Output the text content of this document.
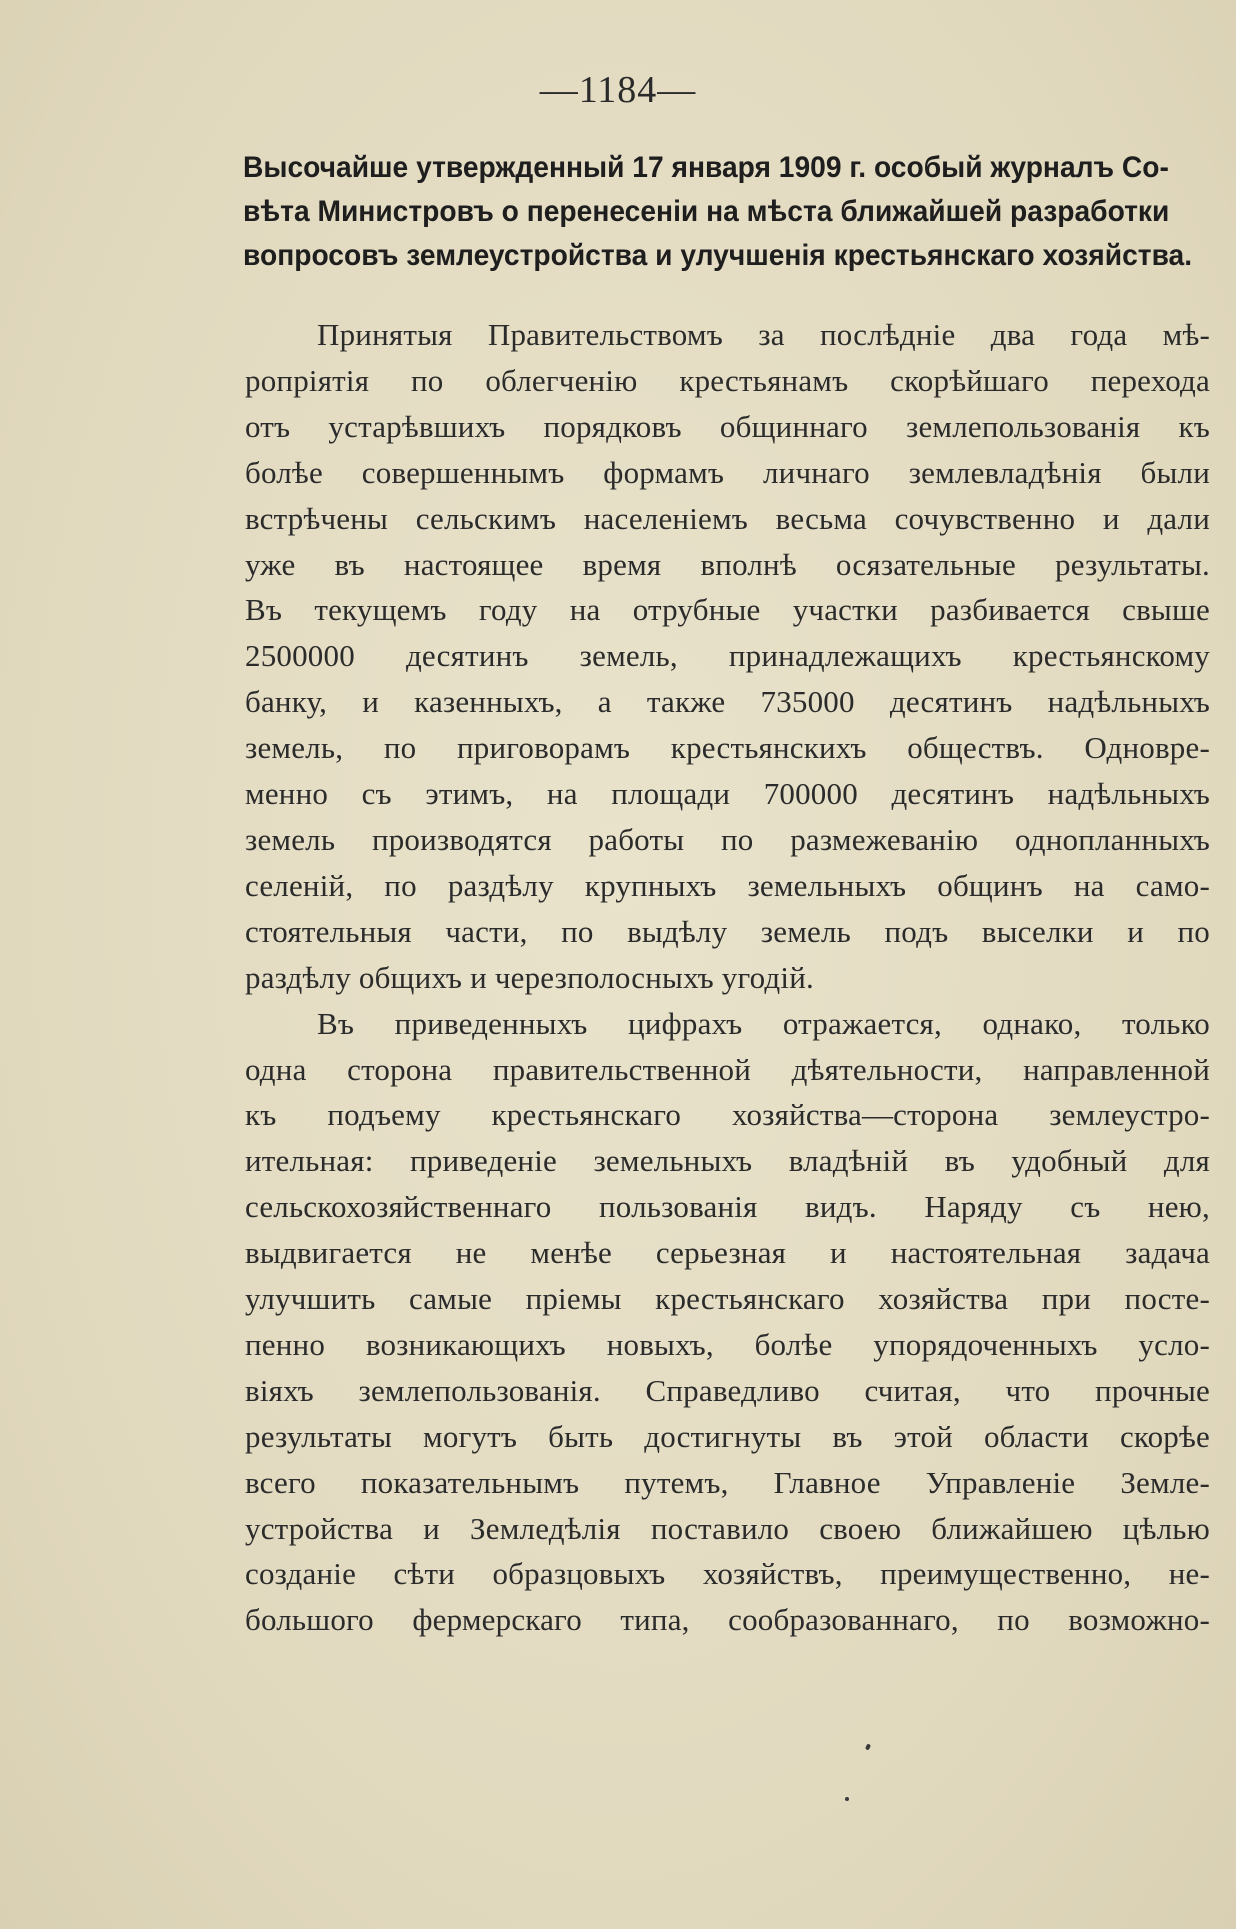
—1184—
Высочайше утвержденный 17 января 1909 г. особый журналъ Со-
вѣта Министровъ о перенесеніи на мѣста ближайшей разработки
вопросовъ землеустройства и улучшенія крестьянскаго хозяйства.
Принятыя Правительствомъ за послѣдніе два года мѣ-
ропріятія по облегченію крестьянамъ скорѣйшаго перехода
отъ устарѣвшихъ порядковъ общиннаго землепользованія къ
болѣе совершеннымъ формамъ личнаго землевладѣнія были
встрѣчены сельскимъ населеніемъ весьма сочувственно и дали
уже въ настоящее время вполнѣ осязательные результаты.
Въ текущемъ году на отрубные участки разбивается свыше
2500000 десятинъ земель, принадлежащихъ крестьянскому
банку, и казенныхъ, а также 735000 десятинъ надѣльныхъ
земель, по приговорамъ крестьянскихъ обществъ. Одновре-
менно съ этимъ, на площади 700000 десятинъ надѣльныхъ
земель производятся работы по размежеванію однопланныхъ
селеній, по раздѣлу крупныхъ земельныхъ общинъ на само-
стоятельныя части, по выдѣлу земель подъ выселки и по
раздѣлу общихъ и черезполосныхъ угодій.
Въ приведенныхъ цифрахъ отражается, однако, только
одна сторона правительственной дѣятельности, направленной
къ подъему крестьянскаго хозяйства—сторона землеустро-
ительная: приведеніе земельныхъ владѣній въ удобный для
сельскохозяйственнаго пользованія видъ. Наряду съ нею,
выдвигается не менѣе серьезная и настоятельная задача
улучшить самые пріемы крестьянскаго хозяйства при посте-
пенно возникающихъ новыхъ, болѣе упорядоченныхъ усло-
віяхъ землепользованія. Справедливо считая, что прочные
результаты могутъ быть достигнуты въ этой области скорѣе
всего показательнымъ путемъ, Главное Управленіе Земле-
устройства и Земледѣлія поставило своею ближайшею цѣлью
созданіе сѣти образцовыхъ хозяйствъ, преимущественно, не-
большого фермерскаго типа, сообразованнаго, по возможно-
